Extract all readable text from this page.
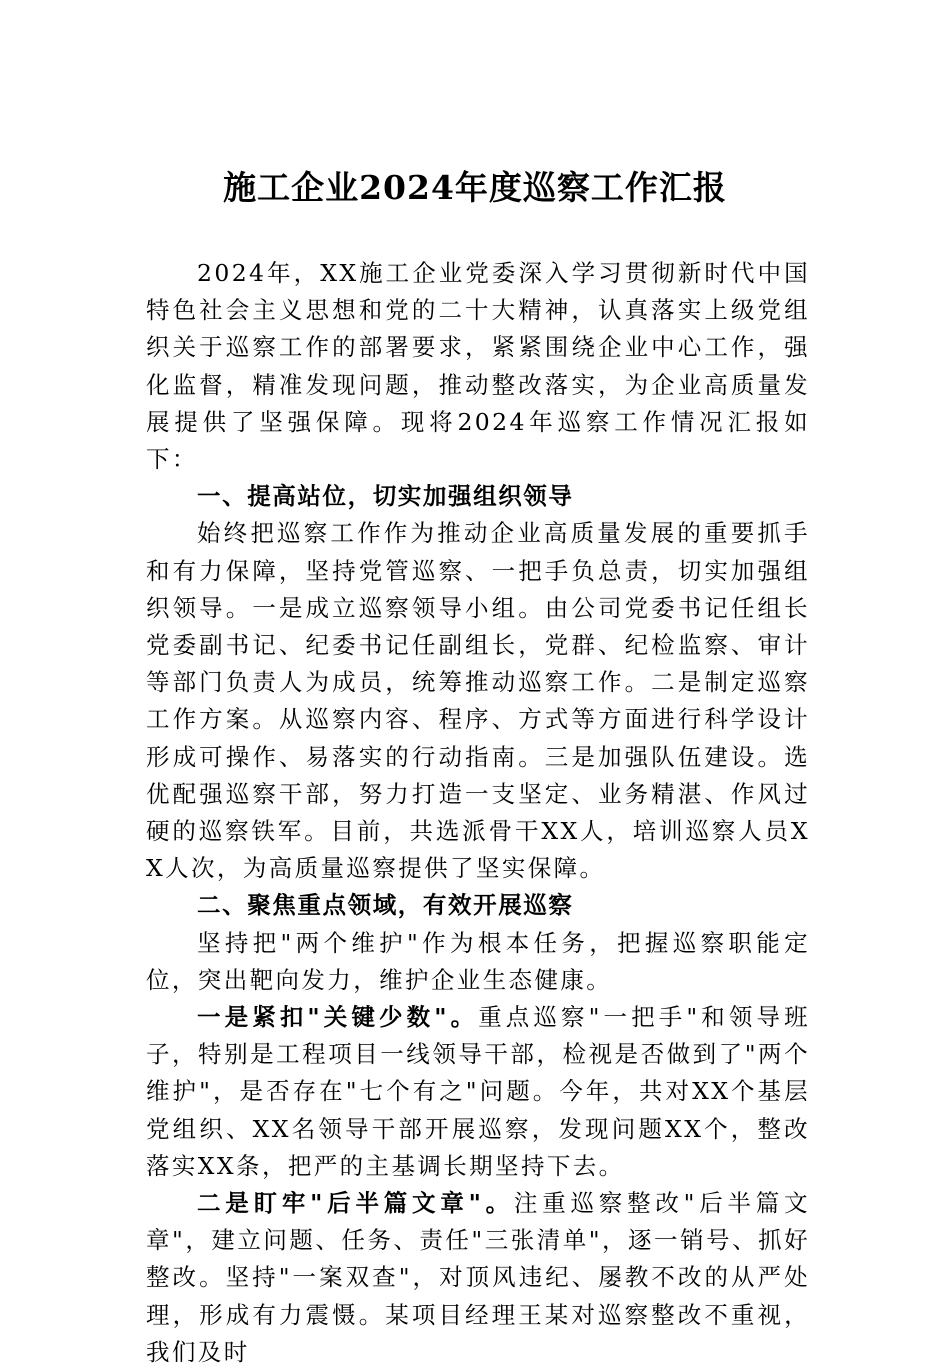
施工企业2024年度巡察工作汇报

2024年，XX施工企业党委深入学习贯彻新时代中国特色社会主义思想和党的二十大精神，认真落实上级党组织关于巡察工作的部署要求，紧紧围绕企业中心工作，强化监督，精准发现问题，推动整改落实，为企业高质量发展提供了坚强保障。现将2024年巡察工作情况汇报如下：

一、提高站位，切实加强组织领导

始终把巡察工作作为推动企业高质量发展的重要抓手和有力保障，坚持党管巡察、一把手负总责，切实加强组织领导。一是成立巡察领导小组。由公司党委书记任组长党委副书记、纪委书记任副组长，党群、纪检监察、审计等部门负责人为成员，统筹推动巡察工作。二是制定巡察工作方案。从巡察内容、程序、方式等方面进行科学设计形成可操作、易落实的行动指南。三是加强队伍建设。选优配强巡察干部，努力打造一支坚定、业务精湛、作风过硬的巡察铁军。目前，共选派骨干XX人，培训巡察人员XX人次，为高质量巡察提供了坚实保障。

二、聚焦重点领域，有效开展巡察

坚持把"两个维护"作为根本任务，把握巡察职能定位，突出靶向发力，维护企业生态健康。

一是紧扣"关键少数"。重点巡察"一把手"和领导班子，特别是工程项目一线领导干部，检视是否做到了"两个维护"，是否存在"七个有之"问题。今年，共对XX个基层党组织、XX名领导干部开展巡察，发现问题XX个，整改落实XX条，把严的主基调长期坚持下去。

二是盯牢"后半篇文章"。注重巡察整改"后半篇文章"，建立问题、任务、责任"三张清单"，逐一销号、抓好整改。坚持"一案双查"，对顶风违纪、屡教不改的从严处理，形成有力震慑。某项目经理王某对巡察整改不重视，我们及时
